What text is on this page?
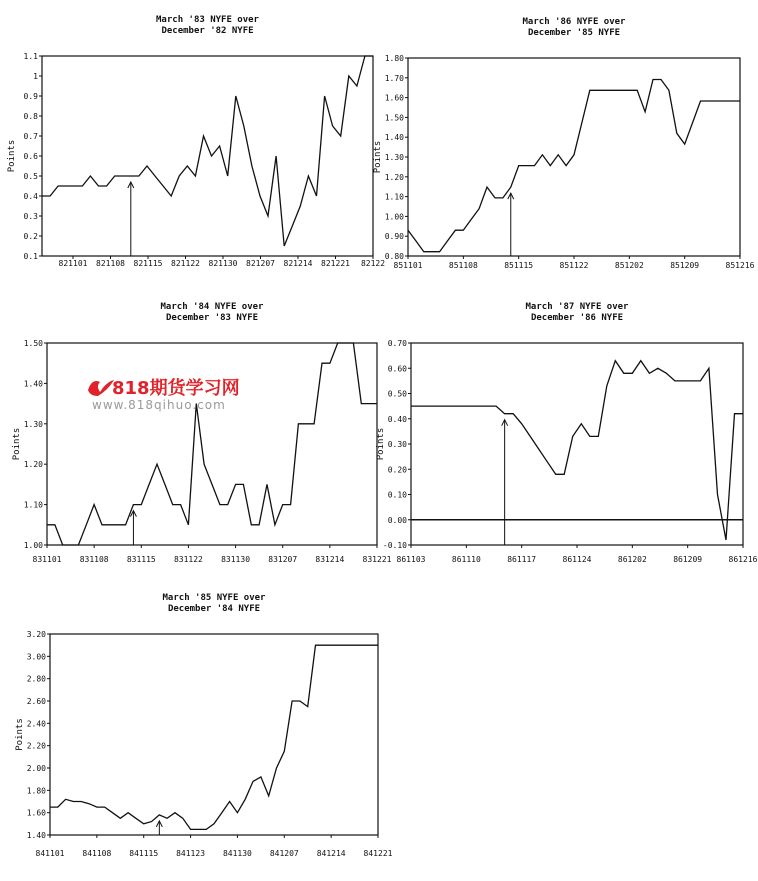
March '83 NYFE over
December '82 NYFE
Points
1.1
1
0.9
0.8
0.7
0.6
0.5
0.4
0.3
0.2
0.1
821101 821108 821115 821122 821130 821207 821214 821221 82122
March '86 NYFE over
December '85 NYFE
Points
1.80
1.70
1.60
1.50
1.40
1.30
1.20
1.10
1.00
0.90
0.80
851101	851108	851115	851122	851202	851209	851216
March '84 NYFE over
December '83 NYFE
Points
1.50
1.40
1.30
1.20
1.10
1.00
831101 831108 831115 831122 831130 831207 831214 831221
March '87 NYFE over
December '86 NYFE
Points
0.70
0.60
0.50
0.40
0.30
0.20
0.10
0.00
-0.10
861103	861110	861117	861124	861202	861209	861216
March '85 NYFE over
December '84 NYFE
Points
3.20
3.00
2.80
2.60
2.40
2.20
2.00
1.80
1.60
1.40
841101 841108 841115 841123 841130 841207 841214 841221
818期货学习网
www.818qihuo.com
